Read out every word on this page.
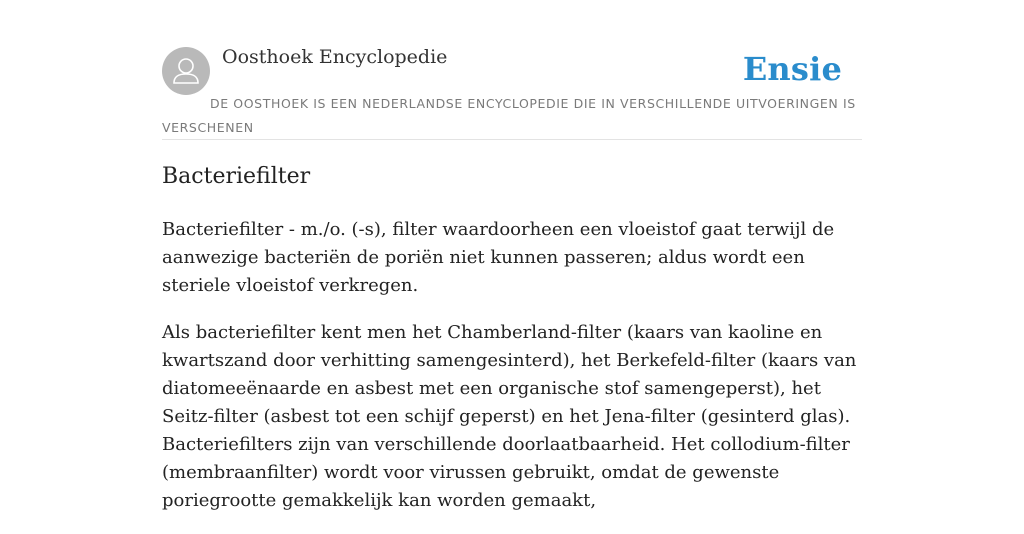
Oosthoek Encyclopedie	Ensie
DE OOSTHOEK IS EEN NEDERLANDSE ENCYCLOPEDIE DIE IN VERSCHILLENDE UITVOERINGEN IS VERSCHENEN
Bacteriefilter

Bacteriefilter - m./o. (-s), filter waardoorheen een vloeistof gaat terwijl de aanwezige bacteriën de poriën niet kunnen passeren; aldus wordt een steriele vloeistof verkregen.

Als bacteriefilter kent men het Chamberland-filter (kaars van kaoline en kwartszand door verhitting samengesinterd), het Berkefeld-filter (kaars van diatomeeënaarde en asbest met een organische stof samengeperst), het Seitz-filter (asbest tot een schijf geperst) en het Jena-filter (gesinterd glas). Bacteriefilters zijn van verschillende doorlaatbaarheid. Het collodium-filter (membraanfilter) wordt voor virussen gebruikt, omdat de gewenste poriegrootte gemakkelijk kan worden gemaakt,
